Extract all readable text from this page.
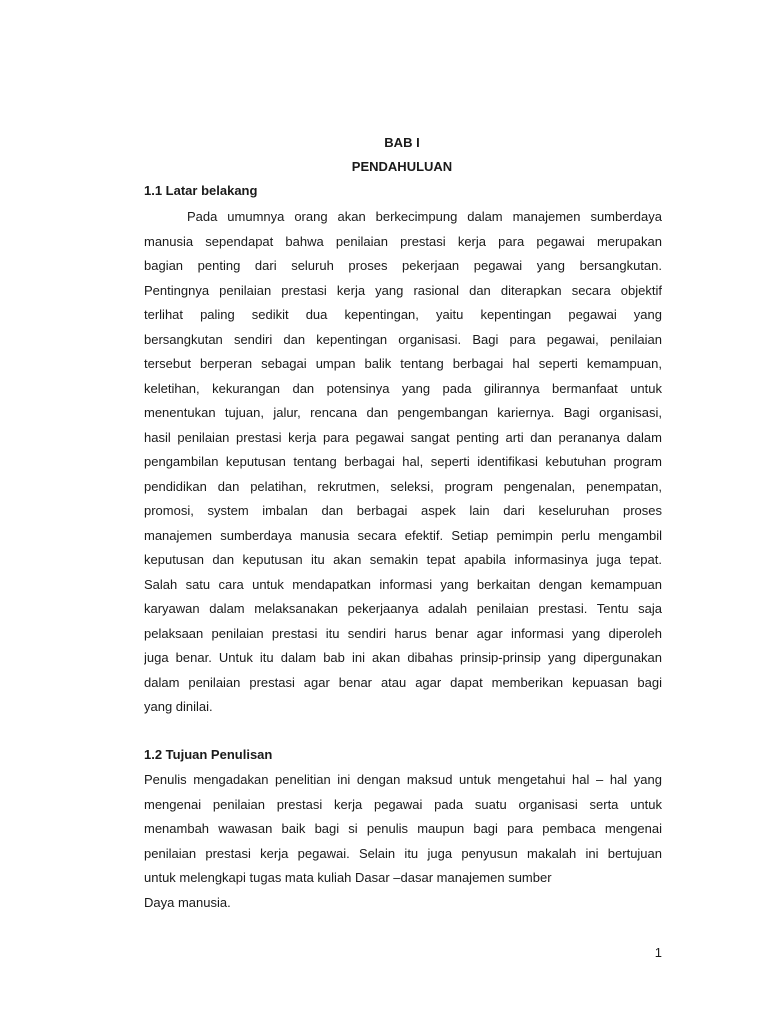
BAB I
PENDAHULUAN
1.1 Latar belakang
Pada umumnya orang akan berkecimpung dalam manajemen sumberdaya
manusia sependapat bahwa penilaian prestasi kerja para pegawai merupakan
bagian penting dari seluruh proses pekerjaan pegawai yang bersangkutan.
Pentingnya penilaian prestasi kerja yang rasional dan diterapkan secara objektif
terlihat paling sedikit dua kepentingan, yaitu kepentingan pegawai yang
bersangkutan sendiri dan kepentingan organisasi. Bagi para pegawai, penilaian
tersebut berperan sebagai umpan balik tentang berbagai hal seperti kemampuan,
keletihan, kekurangan dan potensinya yang pada gilirannya bermanfaat untuk
menentukan tujuan, jalur, rencana dan pengembangan kariernya. Bagi organisasi,
hasil penilaian prestasi kerja para pegawai sangat penting arti dan perananya dalam
pengambilan keputusan tentang berbagai hal, seperti identifikasi kebutuhan program
pendidikan dan pelatihan, rekrutmen, seleksi, program pengenalan, penempatan,
promosi, system imbalan dan berbagai aspek lain dari keseluruhan proses
manajemen sumberdaya manusia secara efektif. Setiap pemimpin perlu mengambil
keputusan dan keputusan itu akan semakin tepat apabila informasinya juga tepat.
Salah satu cara untuk mendapatkan informasi yang berkaitan dengan kemampuan
karyawan dalam melaksanakan pekerjaanya adalah penilaian prestasi. Tentu saja
pelaksaan penilaian prestasi itu sendiri harus benar agar informasi yang diperoleh
juga benar. Untuk itu dalam bab ini akan dibahas prinsip-prinsip yang dipergunakan
dalam penilaian prestasi agar benar atau agar dapat memberikan kepuasan bagi
yang dinilai.
1.2 Tujuan Penulisan
Penulis mengadakan penelitian ini dengan maksud untuk mengetahui hal – hal yang
mengenai penilaian prestasi kerja pegawai pada suatu organisasi serta untuk
menambah wawasan baik bagi si penulis maupun bagi para pembaca mengenai
penilaian prestasi kerja pegawai. Selain itu juga penyusun makalah ini bertujuan
untuk melengkapi tugas mata kuliah Dasar –dasar manajemen sumber
Daya manusia.
1
